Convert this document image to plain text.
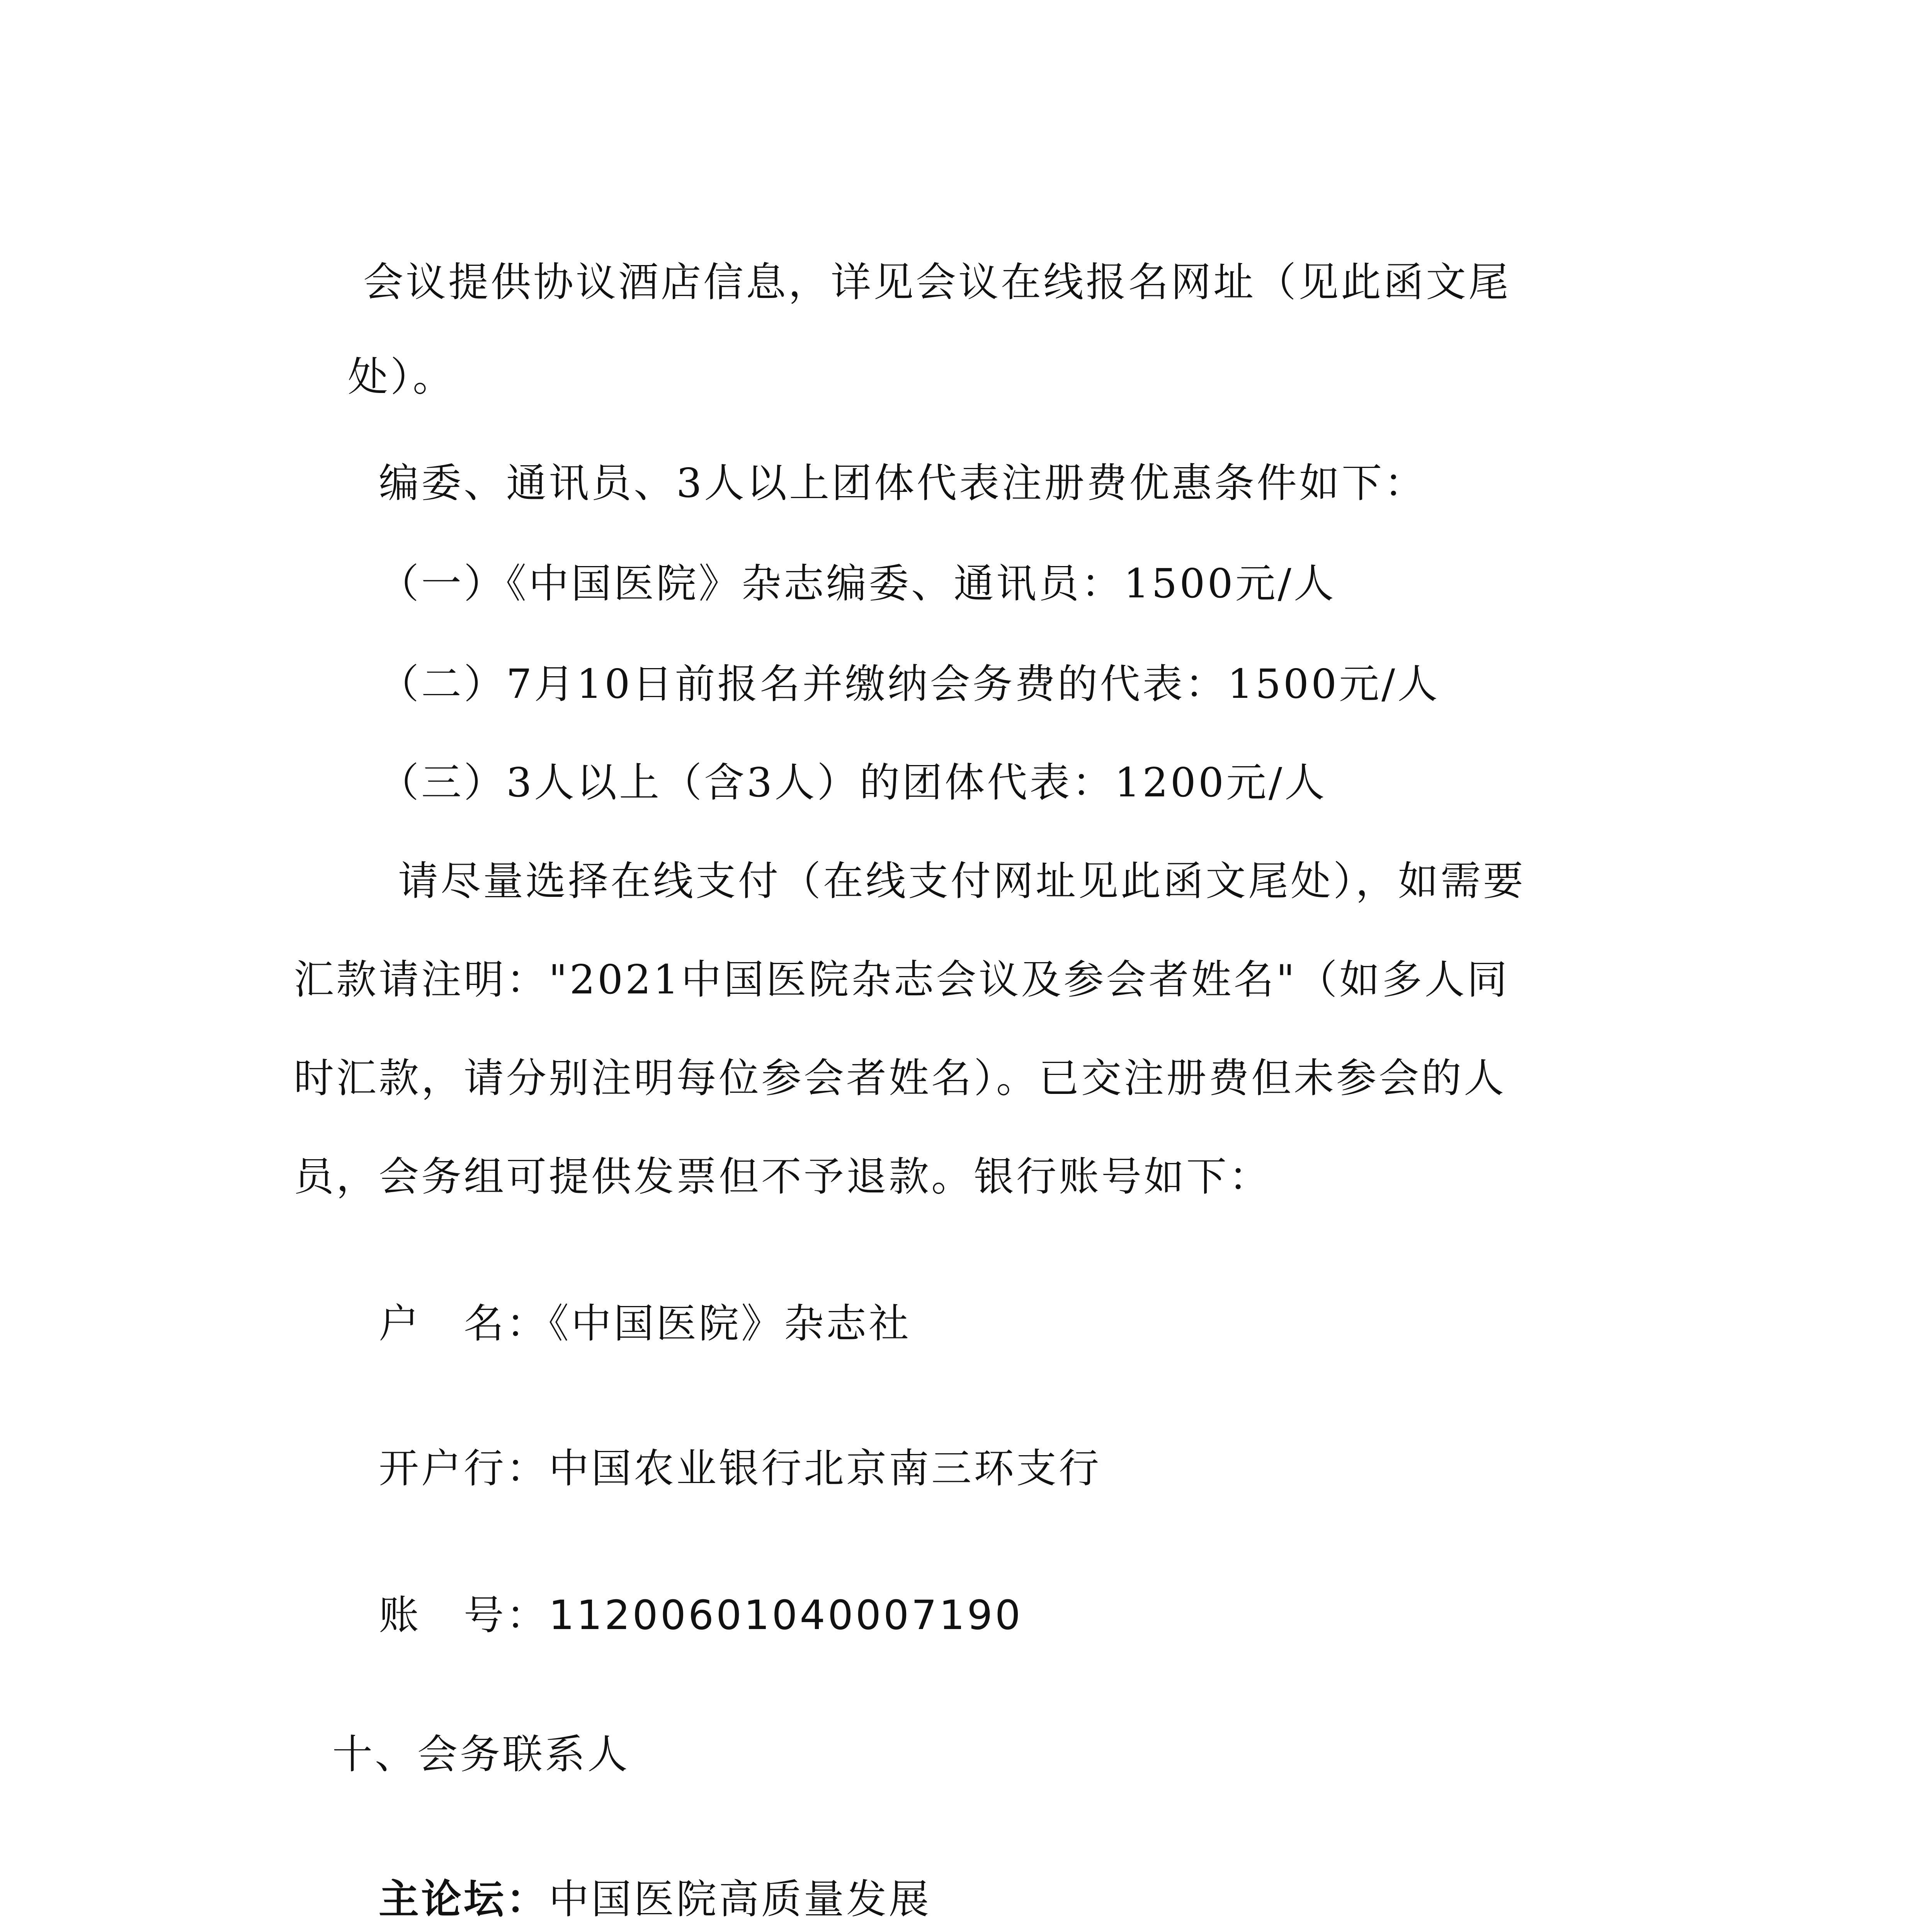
会议提供协议酒店信息，详见会议在线报名网址（见此函文尾
处）。
编委、通讯员、3人以上团体代表注册费优惠条件如下：
（一）《中国医院》杂志编委、通讯员：1500元/人
（二）7月10日前报名并缴纳会务费的代表：1500元/人
（三）3人以上（含3人）的团体代表：1200元/人
请尽量选择在线支付（在线支付网址见此函文尾处），如需要
汇款请注明："2021中国医院杂志会议及参会者姓名"（如多人同
时汇款，请分别注明每位参会者姓名）。已交注册费但未参会的人
员，会务组可提供发票但不予退款。银行账号如下：
户　名：《中国医院》杂志社
开户行：中国农业银行北京南三环支行
账　号：11200601040007190
十、会务联系人
主论坛：中国医院高质量发展
